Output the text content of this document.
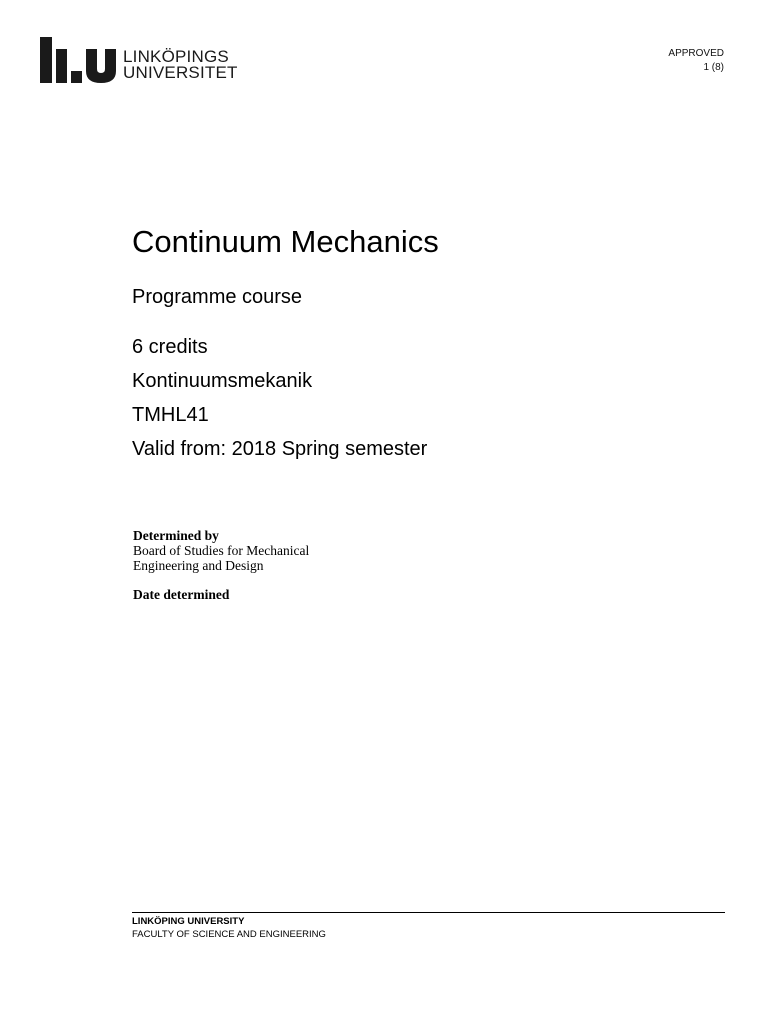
LINKÖPINGS
UNIVERSITET
APPROVED
1 (8)
Continuum Mechanics
Programme course
6 credits
Kontinuumsmekanik
TMHL41
Valid from: 2018 Spring semester
Determined by
Board of Studies for Mechanical
Engineering and Design
Date determined
LINKÖPING UNIVERSITY
FACULTY OF SCIENCE AND ENGINEERING
